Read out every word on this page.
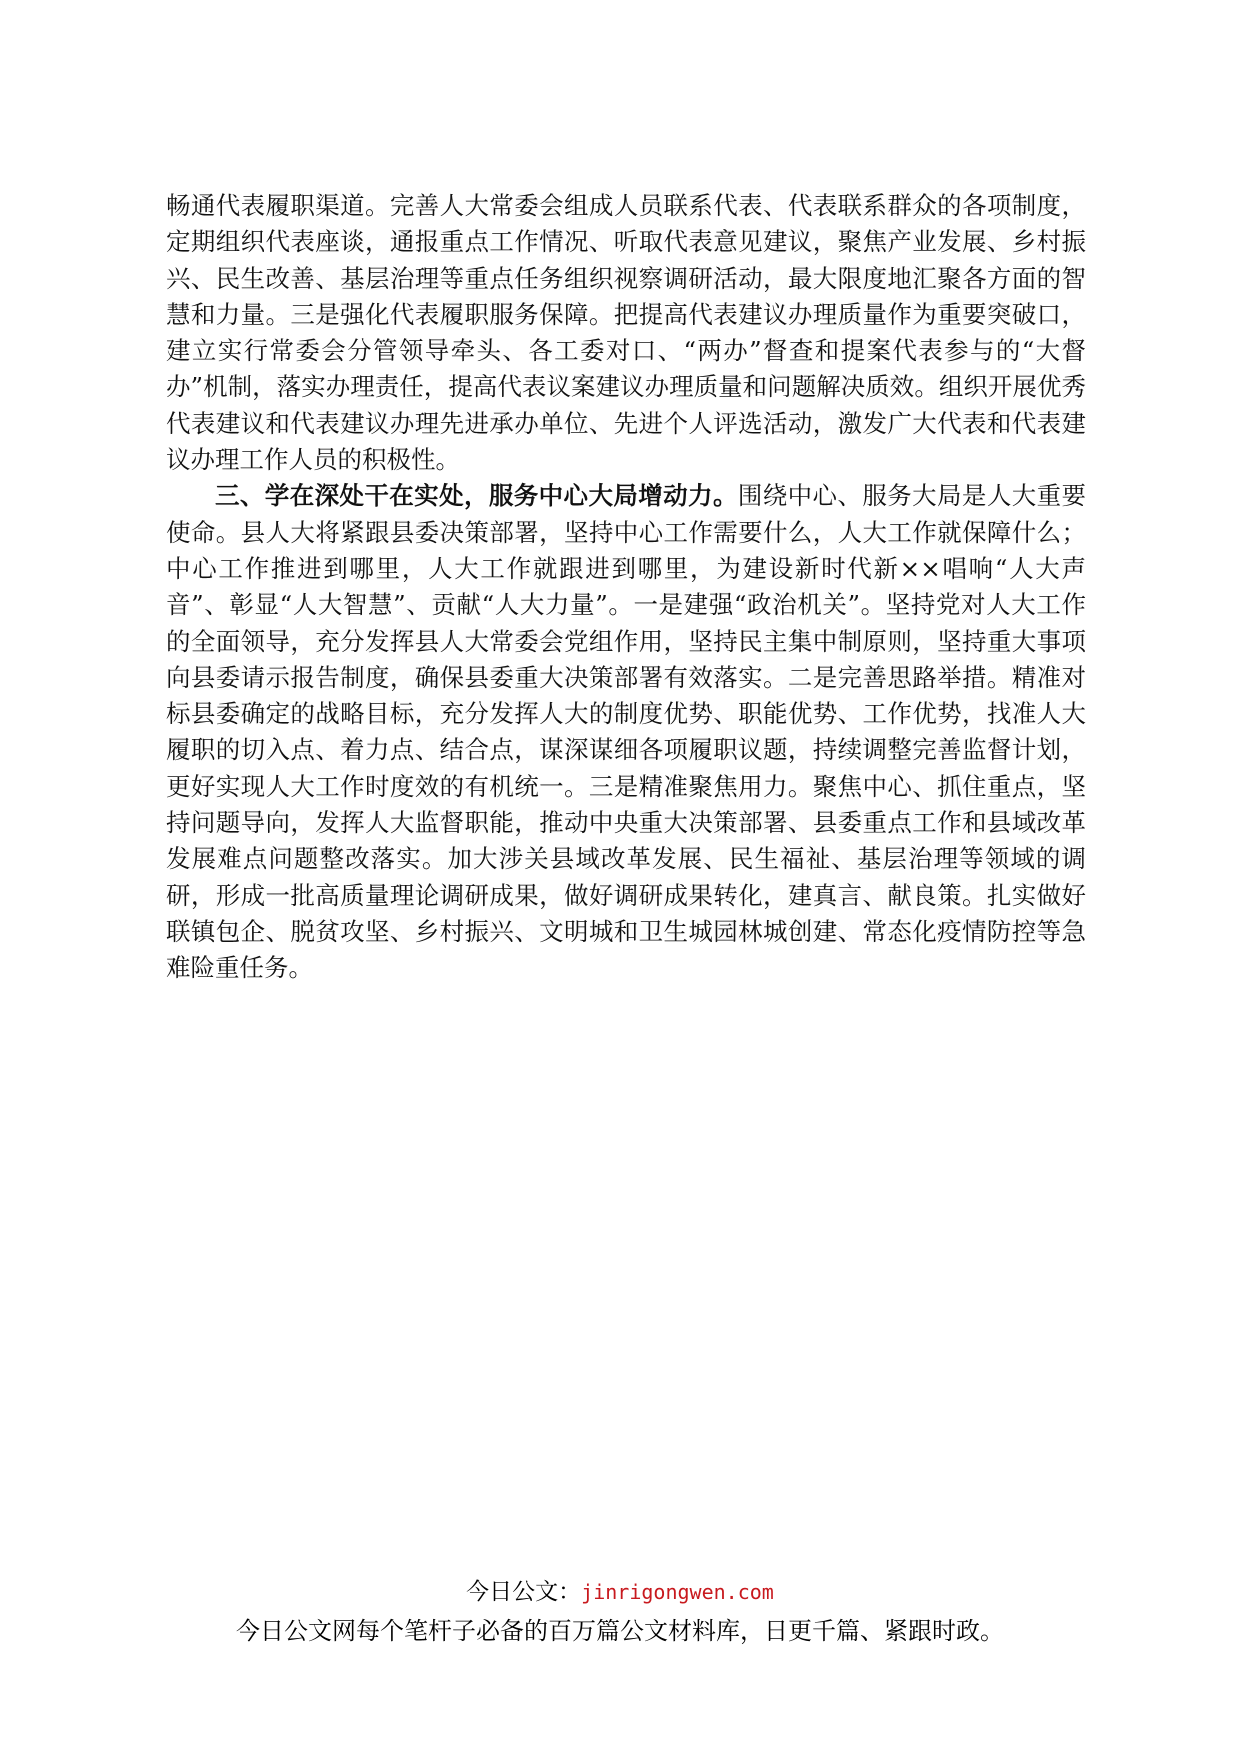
畅通代表履职渠道。完善人大常委会组成人员联系代表、代表联系群众的各项制度，定期组织代表座谈，通报重点工作情况、听取代表意见建议，聚焦产业发展、乡村振兴、民生改善、基层治理等重点任务组织视察调研活动，最大限度地汇聚各方面的智慧和力量。三是强化代表履职服务保障。把提高代表建议办理质量作为重要突破口，建立实行常委会分管领导牵头、各工委对口、“两办”督查和提案代表参与的“大督办”机制，落实办理责任，提高代表议案建议办理质量和问题解决质效。组织开展优秀代表建议和代表建议办理先进承办单位、先进个人评选活动，激发广大代表和代表建议办理工作人员的积极性。

三、学在深处干在实处，服务中心大局增动力。围绕中心、服务大局是人大重要使命。县人大将紧跟县委决策部署，坚持中心工作需要什么，人大工作就保障什么；中心工作推进到哪里，人大工作就跟进到哪里，为建设新时代新××唱响“人大声音”、彰显“人大智慧”、贡献“人大力量”。一是建强“政治机关”。坚持党对人大工作的全面领导，充分发挥县人大常委会党组作用，坚持民主集中制原则，坚持重大事项向县委请示报告制度，确保县委重大决策部署有效落实。二是完善思路举措。精准对标县委确定的战略目标，充分发挥人大的制度优势、职能优势、工作优势，找准人大履职的切入点、着力点、结合点，谋深谋细各项履职议题，持续调整完善监督计划，更好实现人大工作时度效的有机统一。三是精准聚焦用力。聚焦中心、抓住重点，坚持问题导向，发挥人大监督职能，推动中央重大决策部署、县委重点工作和县域改革发展难点问题整改落实。加大涉关县域改革发展、民生福祉、基层治理等领域的调研，形成一批高质量理论调研成果，做好调研成果转化，建真言、献良策。扎实做好联镇包企、脱贫攻坚、乡村振兴、文明城和卫生城园林城创建、常态化疫情防控等急难险重任务。

今日公文：jinrigongwen.com
今日公文网每个笔杆子必备的百万篇公文材料库，日更千篇、紧跟时政。
